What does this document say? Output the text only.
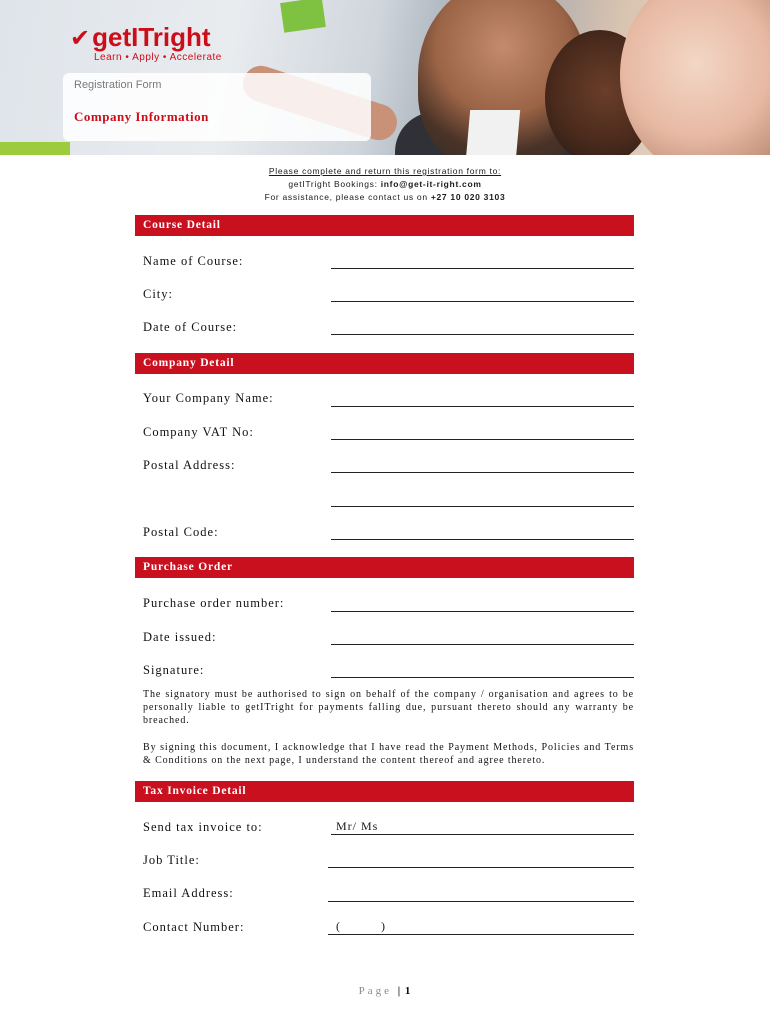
✔getITright
Learn • Apply • Accelerate
Registration Form
Company Information
Please complete and return this registration form to:
getITright Bookings: info@get-it-right.com
For assistance, please contact us on +27 10 020 3103
Course Detail
Name of Course:
City:
Date of Course:
Company Detail
Your Company Name:
Company VAT No:
Postal Address:
Postal Code:
Purchase Order
Purchase order number:
Date issued:
Signature:
The signatory must be authorised to sign on behalf of the company / organisation and agrees to be personally liable to getITright for payments falling due, pursuant thereto should any warranty be breached.
By signing this document, I acknowledge that I have read the Payment Methods, Policies and Terms & Conditions on the next page, I understand the content thereof and agree thereto.
Tax Invoice Detail
Send tax invoice to:	Mr/ Ms
Job Title:
Email Address:
Contact Number:	(          )
Page | 1
